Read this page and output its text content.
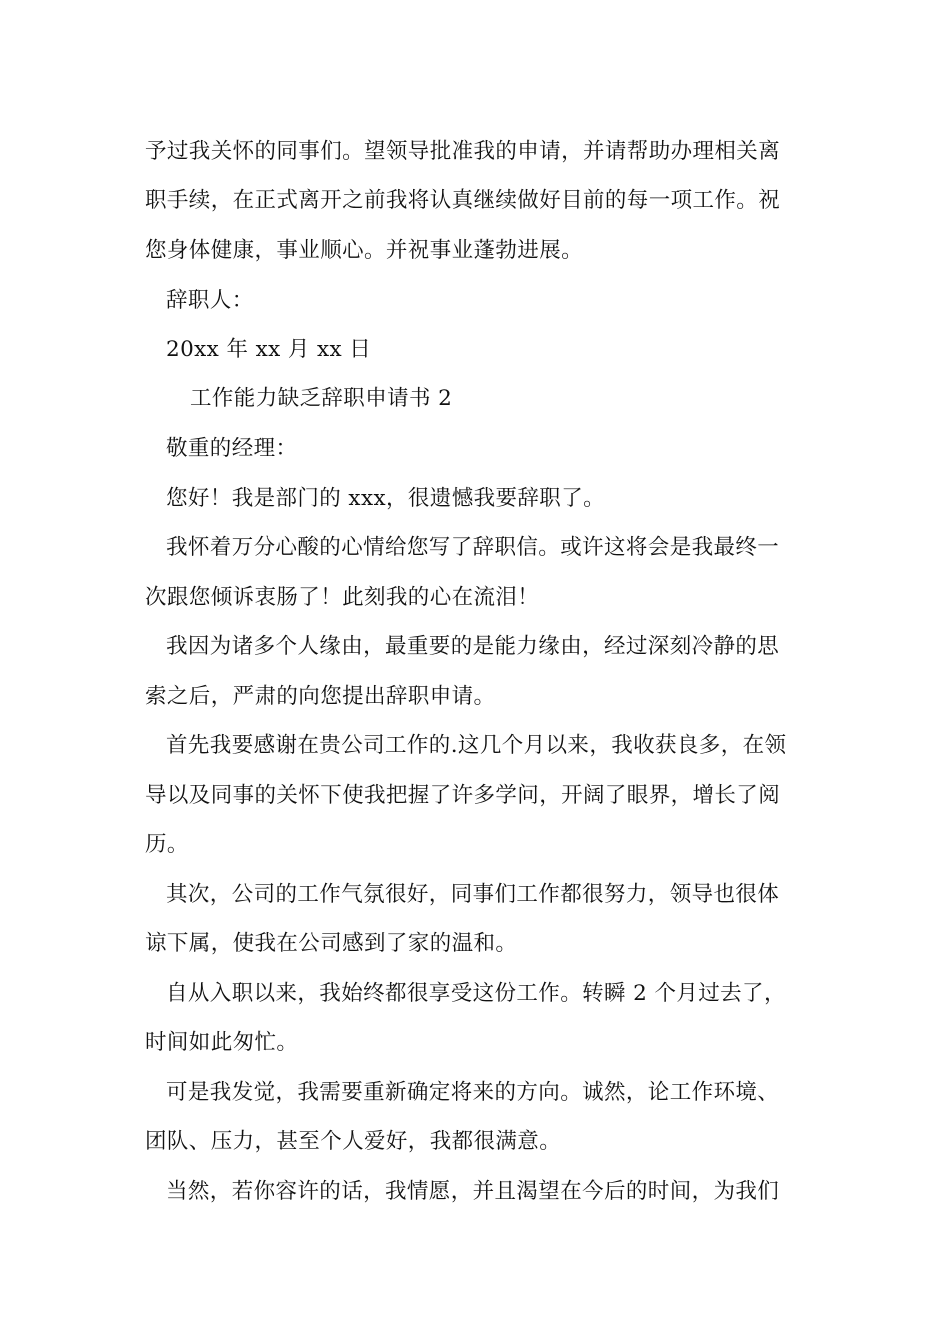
予过我关怀的同事们。望领导批准我的申请，并请帮助办理相关离
职手续，在正式离开之前我将认真继续做好目前的每一项工作。祝
您身体健康，事业顺心。并祝事业蓬勃进展。
辞职人：
20xx 年 xx 月 xx 日
工作能力缺乏辞职申请书 2
敬重的经理：
您好！我是部门的 xxx，很遗憾我要辞职了。
我怀着万分心酸的心情给您写了辞职信。或许这将会是我最终一
次跟您倾诉衷肠了！此刻我的心在流泪！
我因为诸多个人缘由，最重要的是能力缘由，经过深刻冷静的思
索之后，严肃的向您提出辞职申请。
首先我要感谢在贵公司工作的.这几个月以来，我收获良多，在领
导以及同事的关怀下使我把握了许多学问，开阔了眼界，增长了阅
历。
其次，公司的工作气氛很好，同事们工作都很努力，领导也很体
谅下属，使我在公司感到了家的温和。
自从入职以来，我始终都很享受这份工作。转瞬 2 个月过去了，
时间如此匆忙。
可是我发觉，我需要重新确定将来的方向。诚然，论工作环境、
团队、压力，甚至个人爱好，我都很满意。
当然，若你容许的话，我情愿，并且渴望在今后的时间，为我们
